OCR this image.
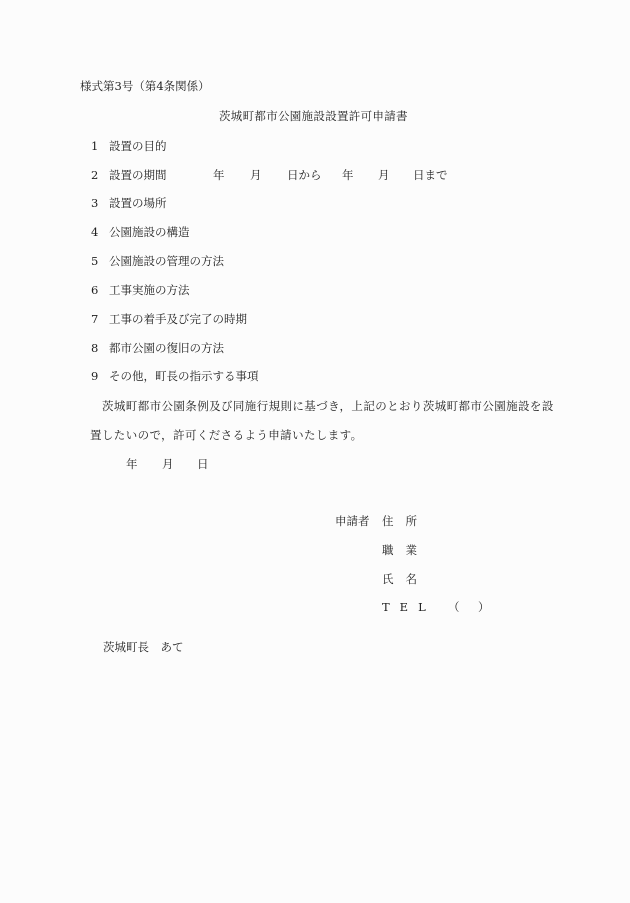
様式第3号（第4条関係）
茨城町都市公園施設設置許可申請書
1 設置の目的
2 設置の期間	年 月 日から 年 月 日まで
3 設置の場所
4 公園施設の構造
5 公園施設の管理の方法
6 工事実施の方法
7 工事の着手及び完了の時期
8 都市公園の復旧の方法
9 その他，町長の指示する事項
茨城町都市公園条例及び同施行規則に基づき，上記のとおり茨城町都市公園施設を設
置したいので，許可くださるよう申請いたします。
年 月 日
申請者 住 所
職 業
氏 名
T E L （ ）
茨城町長　あて
